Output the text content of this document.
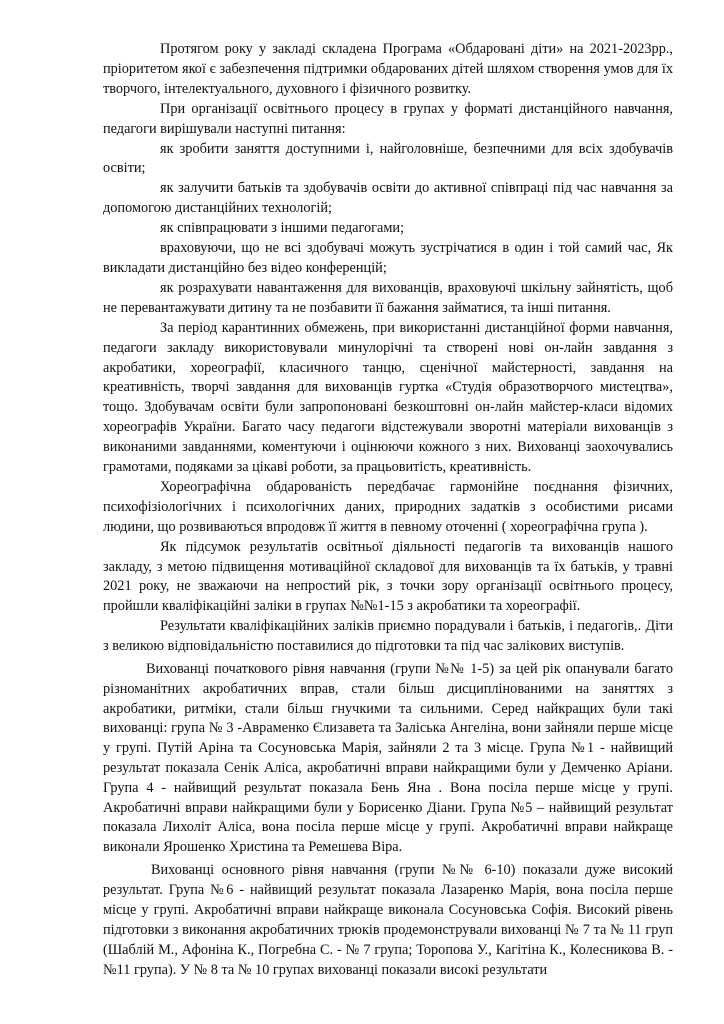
Протягом року у закладі складена Програма «Обдаровані діти» на 2021-2023рр., пріоритетом якої є забезпечення підтримки обдарованих дітей шляхом створення умов для їх творчого, інтелектуального, духовного і фізичного розвитку.

При організації освітнього процесу в групах у форматі дистанційного навчання, педагоги вирішували наступні питання:

як зробити заняття доступними і, найголовніше, безпечними для всіх здобувачів освіти;

як залучити батьків та здобувачів освіти до активної співпраці під час навчання за допомогою дистанційних технологій;

як співпрацювати з іншими педагогами;

враховуючи, що не всі здобувачі можуть зустрічатися в один і той самий час, Як викладати дистанційно без відео конференцій;

як розрахувати навантаження для вихованців, враховуючі шкільну зайнятість, щоб не перевантажувати дитину та не позбавити її бажання займатися, та інші питання.

За період карантинних обмежень, при використанні дистанційної форми навчання, педагоги закладу використовували минулорічні та створені нові он-лайн завдання з акробатики, хореографії, класичного танцю, сценічної майстерності, завдання на креативність, творчі завдання для вихованців гуртка «Студія образотворчого мистецтва», тощо. Здобувачам освіти були запропоновані безкоштовні он-лайн майстер-класи відомих хореографів України. Багато часу педагоги відстежували зворотні матеріали вихованців з виконаними завданнями, коментуючи і оцінюючи кожного з них. Вихованці заохочувались грамотами, подяками за цікаві роботи, за працьовитість, креативність.

Хореографічна обдарованість передбачає гармонійне поєднання фізичних, психофізіологічних і психологічних даних, природних задатків з особистими рисами людини, що розвиваються впродовж її життя в певному оточенні ( хореографічна група ).

Як підсумок результатів освітньої діяльності педагогів та вихованців нашого закладу, з метою підвищення мотиваційної складової для вихованців та їх батьків, у травні 2021 року, не зважаючи на непростий рік, з точки зору організації освітнього процесу, пройшли кваліфікаційні заліки в групах №№1-15 з акробатики та хореографії.

Результати кваліфікаційних заліків приємно порадували і батьків, і педагогів,. Діти з великою відповідальністю поставилися до підготовки та під час залікових виступів.

Вихованці початкового рівня навчання (групи №№ 1-5) за цей рік опанували багато різноманітних акробатичних вправ, стали більш дисциплінованими на заняттях з акробатики, ритміки, стали більш гнучкими та сильними. Серед найкращих були такі вихованці: група № 3 -Авраменко Єлизавета та Заліська Ангеліна, вони зайняли перше місце у групі. Путій Аріна та Сосуновська Марія, зайняли 2 та 3 місце. Група №1 - найвищий результат показала Сенік Аліса, акробатичні вправи найкращими були у Демченко Аріани. Група 4 - найвищий результат показала Бень Яна . Вона посіла перше місце у групі. Акробатичні вправи найкращими були у Борисенко Діани. Група №5 – найвищий результат показала Лихоліт Аліса, вона посіла перше місце у групі. Акробатичні вправи найкраще виконали Ярошенко Христина та Ремешева Віра.

Вихованці основного рівня навчання (групи №№ 6-10) показали дуже високий результат. Група №6 - найвищий результат показала Лазаренко Марія, вона посіла перше місце у групі. Акробатичні вправи найкраще виконала Сосуновська Софія. Високий рівень підготовки з виконання акробатичних трюків продемонстрували вихованці № 7 та № 11 груп (Шаблій М., Афоніна К., Погребна С. - № 7 група; Торопова У., Кагітіна К., Колесникова В. - №11 група). У № 8 та № 10 групах вихованці показали високі результати
